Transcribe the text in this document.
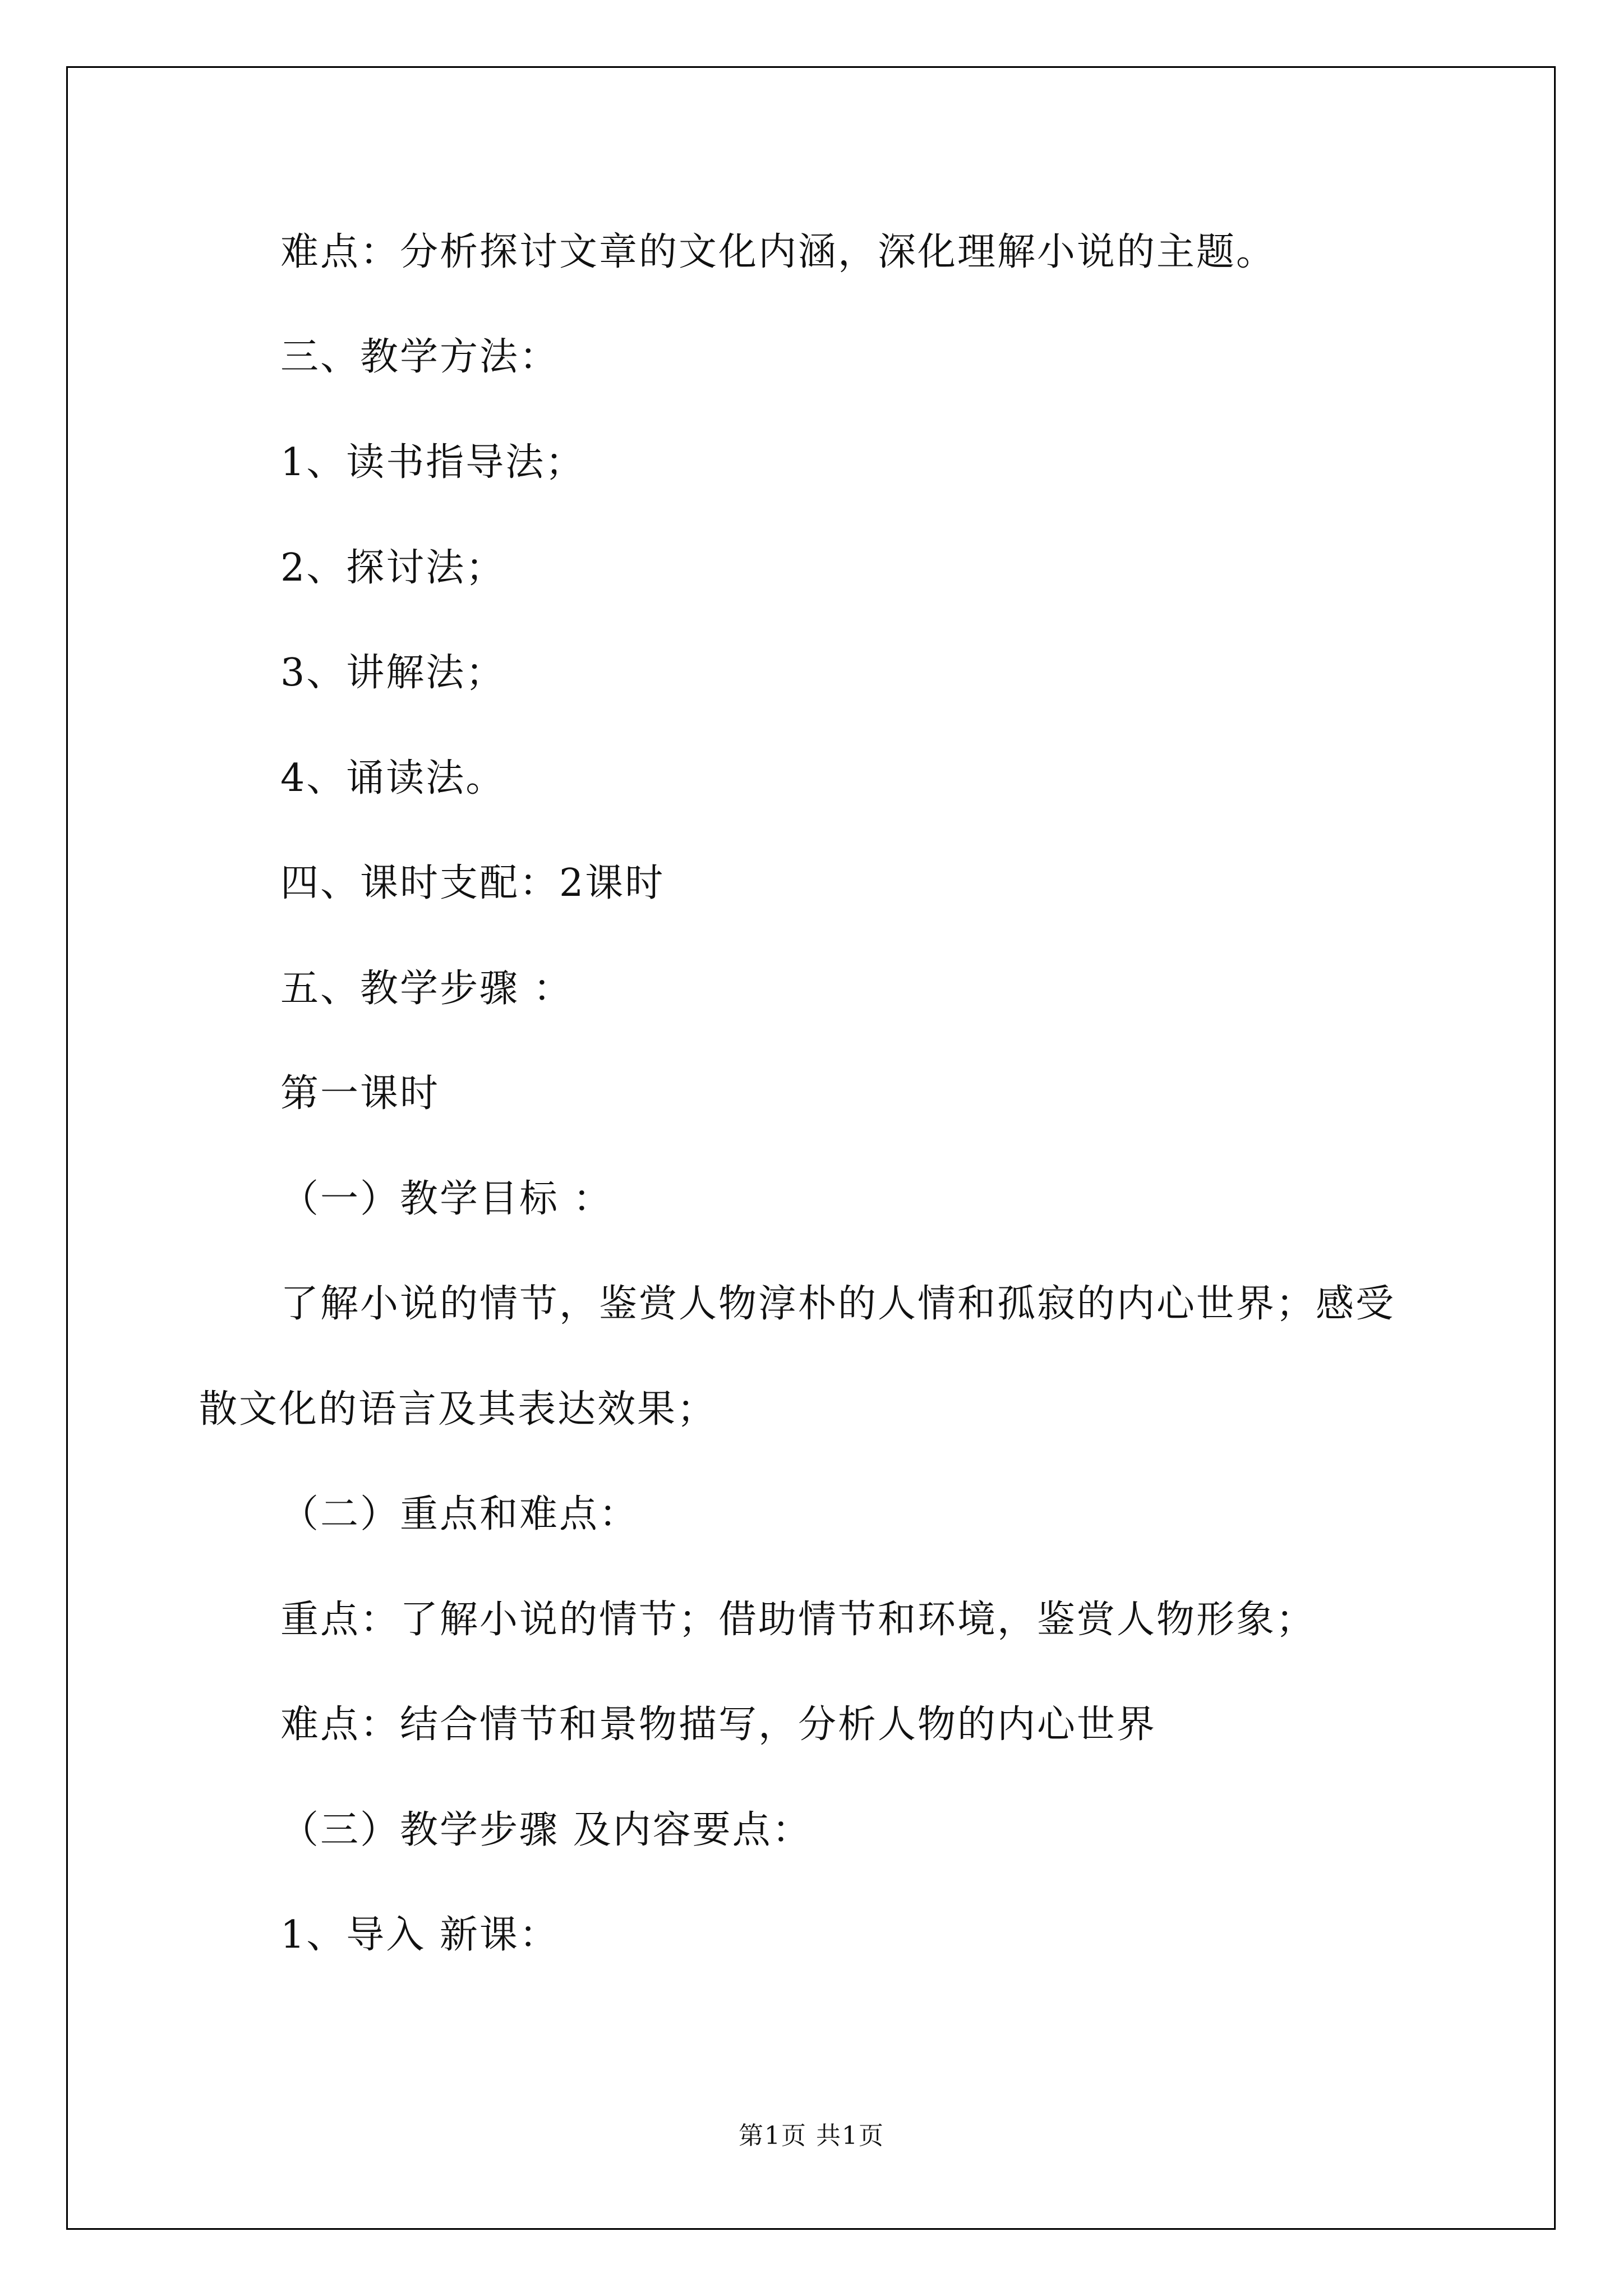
难点：分析探讨文章的文化内涵，深化理解小说的主题。
三、教学方法：
1、读书指导法；
2、探讨法；
3、讲解法；
4、诵读法。
四、课时支配：2课时
五、教学步骤 ：
第一课时
（一）教学目标 ：
了解小说的情节，鉴赏人物淳朴的人情和孤寂的内心世界；感受
散文化的语言及其表达效果；
（二）重点和难点：
重点：了解小说的情节；借助情节和环境，鉴赏人物形象；
难点：结合情节和景物描写，分析人物的内心世界
（三）教学步骤 及内容要点：
1、导入 新课：
第1页 共1页
